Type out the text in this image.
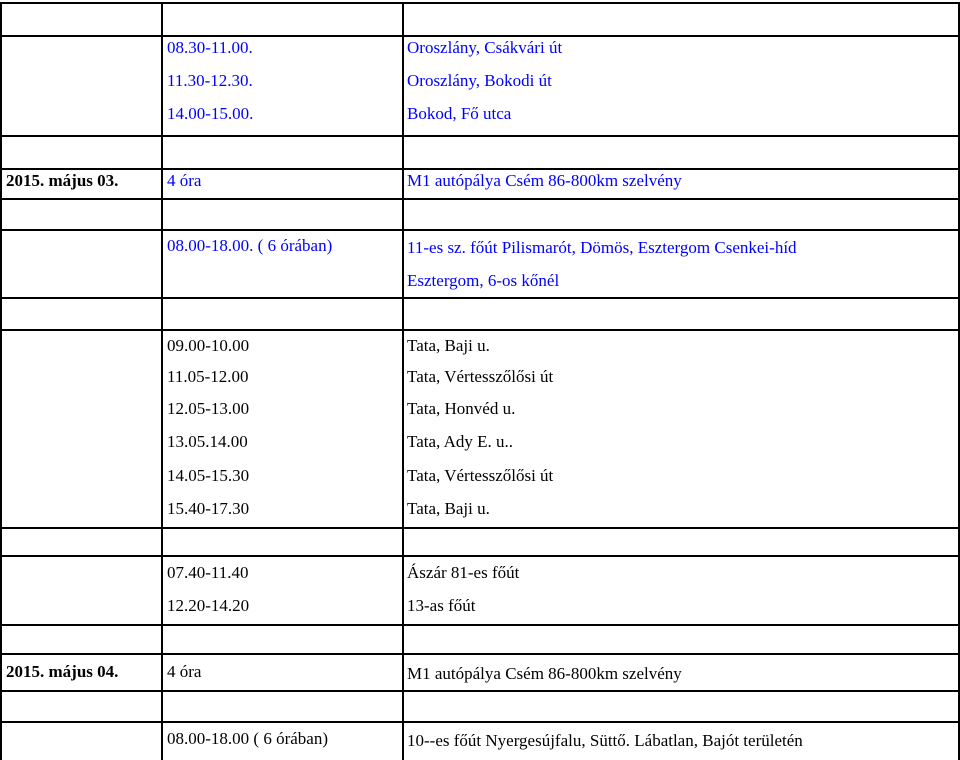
08.30-11.00.	Oroszlány, Csákvári út
11.30-12.30.	Oroszlány, Bokodi út
14.00-15.00.	Bokod, Fő utca
2015. május 03.	4 óra	M1 autópálya Csém 86-800km szelvény
08.00-18.00. ( 6 órában)	11-es sz. főút Pilismarót, Dömös, Esztergom Csenkei-híd
Esztergom, 6-os kőnél
09.00-10.00	Tata, Baji u.
11.05-12.00	Tata, Vértesszőlősi út
12.05-13.00	Tata, Honvéd u.
13.05.14.00	Tata, Ady E. u..
14.05-15.30	Tata, Vértesszőlősi út
15.40-17.30	Tata, Baji u.
07.40-11.40	Ászár 81-es főút
12.20-14.20	13-as főút
2015. május 04.	4 óra	M1 autópálya Csém 86-800km szelvény
08.00-18.00 ( 6 órában)	10--es főút Nyergesújfalu, Süttő. Lábatlan, Bajót területén
